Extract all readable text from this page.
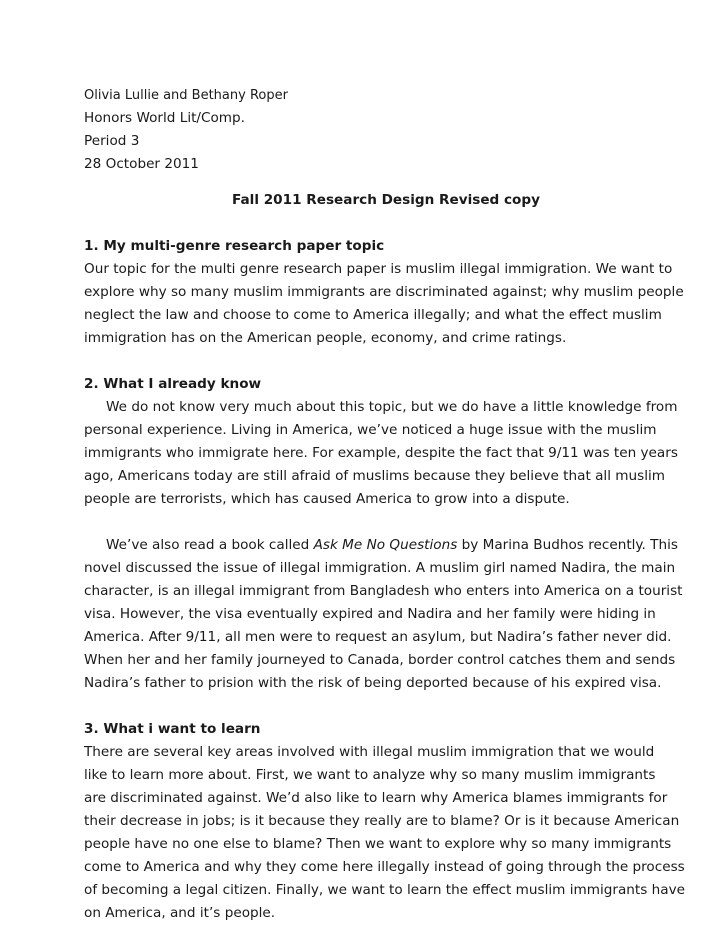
Olivia Lullie and Bethany Roper
Honors World Lit/Comp.
Period 3
28 October 2011
Fall 2011 Research Design Revised copy
1. My multi-genre research paper topic
Our topic for the multi genre research paper is muslim illegal immigration. We want to
explore why so many muslim immigrants are discriminated against; why muslim people
neglect the law and choose to come to America illegally; and what the effect muslim
immigration has on the American people, economy, and crime ratings.
2. What I already know
We do not know very much about this topic, but we do have a little knowledge from
personal experience. Living in America, we’ve noticed a huge issue with the muslim
immigrants who immigrate here. For example, despite the fact that 9/11 was ten years
ago, Americans today are still afraid of muslims because they believe that all muslim
people are terrorists, which has caused America to grow into a dispute.
We’ve also read a book called Ask Me No Questions by Marina Budhos recently. This
novel discussed the issue of illegal immigration. A muslim girl named Nadira, the main
character, is an illegal immigrant from Bangladesh who enters into America on a tourist
visa. However, the visa eventually expired and Nadira and her family were hiding in
America. After 9/11, all men were to request an asylum, but Nadira’s father never did.
When her and her family journeyed to Canada, border control catches them and sends
Nadira’s father to prision with the risk of being deported because of his expired visa.
3. What i want to learn
There are several key areas involved with illegal muslim immigration that we would
like to learn more about. First, we want to analyze why so many muslim immigrants
are discriminated against. We’d also like to learn why America blames immigrants for
their decrease in jobs; is it because they really are to blame? Or is it because American
people have no one else to blame? Then we want to explore why so many immigrants
come to America and why they come here illegally instead of going through the process
of becoming a legal citizen. Finally, we want to learn the effect muslim immigrants have
on America, and it’s people.
